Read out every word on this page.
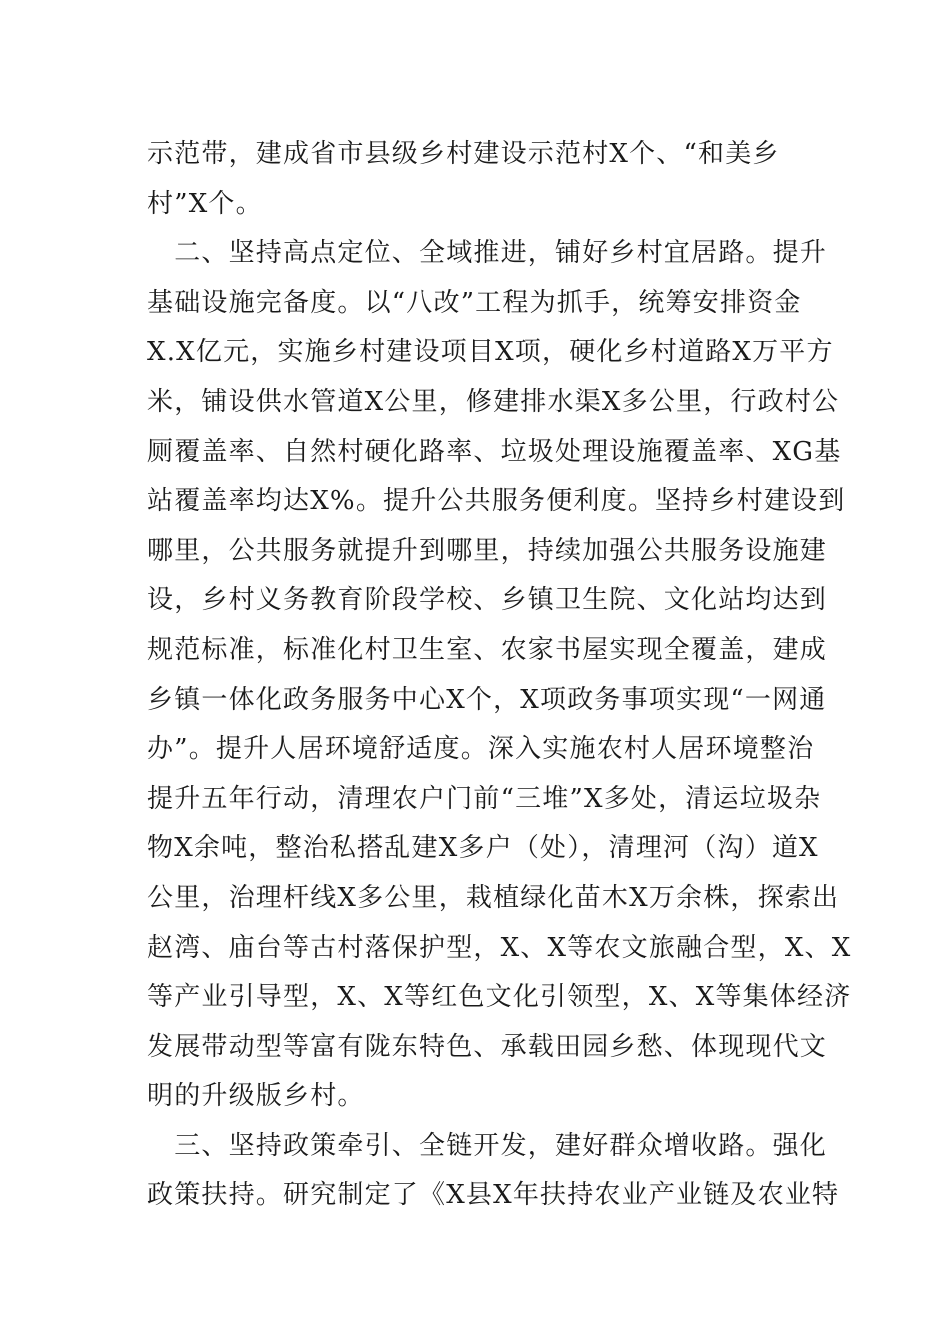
示范带，建成省市县级乡村建设示范村X个、“和美乡
村”X个。
　二、坚持高点定位、全域推进，铺好乡村宜居路。提升
基础设施完备度。以“八改”工程为抓手，统筹安排资金
X.X亿元，实施乡村建设项目X项，硬化乡村道路X万平方
米，铺设供水管道X公里，修建排水渠X多公里，行政村公
厕覆盖率、自然村硬化路率、垃圾处理设施覆盖率、XG基
站覆盖率均达X%。提升公共服务便利度。坚持乡村建设到
哪里，公共服务就提升到哪里，持续加强公共服务设施建
设，乡村义务教育阶段学校、乡镇卫生院、文化站均达到
规范标准，标准化村卫生室、农家书屋实现全覆盖，建成
乡镇一体化政务服务中心X个，X项政务事项实现“一网通
办”。提升人居环境舒适度。深入实施农村人居环境整治
提升五年行动，清理农户门前“三堆”X多处，清运垃圾杂
物X余吨，整治私搭乱建X多户（处），清理河（沟）道X
公里，治理杆线X多公里，栽植绿化苗木X万余株，探索出
赵湾、庙台等古村落保护型，X、X等农文旅融合型，X、X
等产业引导型，X、X等红色文化引领型，X、X等集体经济
发展带动型等富有陇东特色、承载田园乡愁、体现现代文
明的升级版乡村。
　三、坚持政策牵引、全链开发，建好群众增收路。强化
政策扶持。研究制定了《X县X年扶持农业产业链及农业特
